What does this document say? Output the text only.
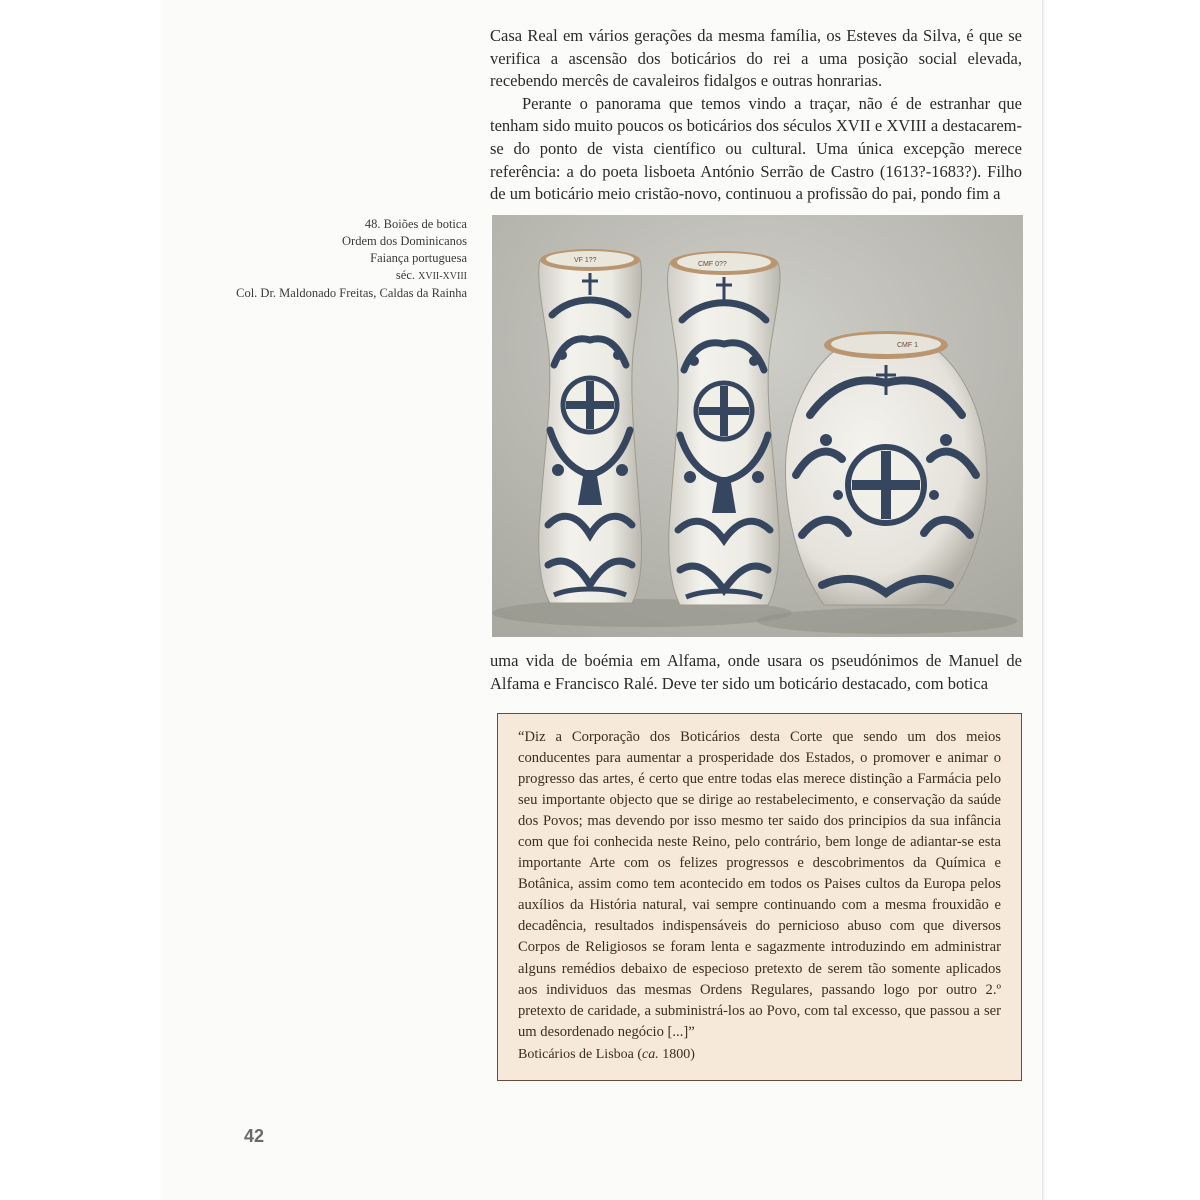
Casa Real em vários gerações da mesma família, os Esteves da Silva, é que se verifica a ascensão dos boticários do rei a uma posição social elevada, recebendo mercês de cavaleiros fidalgos e outras honrarias.

Perante o panorama que temos vindo a traçar, não é de estranhar que tenham sido muito poucos os boticários dos séculos XVII e XVIII a destacarem-se do ponto de vista científico ou cultural. Uma única excepção merece referência: a do poeta lisboeta António Serrão de Castro (1613?-1683?). Filho de um boticário meio cristão-novo, continuou a profissão do pai, pondo fim a

48. Boiões de botica
Ordem dos Dominicanos
Faiança portuguesa
séc. XVII-XVIII
Col. Dr. Maldonado Freitas, Caldas da Rainha
VF 1??
CMF 0??
CMF 1

uma vida de boémia em Alfama, onde usara os pseudónimos de Manuel de Alfama e Francisco Ralé. Deve ter sido um boticário destacado, com botica

“Diz a Corporação dos Boticários desta Corte que sendo um dos meios conducentes para aumentar a prosperidade dos Estados, o promover e animar o progresso das artes, é certo que entre todas elas merece distinção a Farmácia pelo seu importante objecto que se dirige ao restabelecimento, e conservação da saúde dos Povos; mas devendo por isso mesmo ter saido dos principios da sua infância com que foi conhecida neste Reino, pelo contrário, bem longe de adiantar-se esta importante Arte com os felizes progressos e descobrimentos da Química e Botânica, assim como tem acontecido em todos os Paises cultos da Europa pelos auxílios da História natural, vai sempre continuando com a mesma frouxidão e decadência, resultados indispensáveis do pernicioso abuso com que diversos Corpos de Religiosos se foram lenta e sagazmente introduzindo em administrar alguns remédios debaixo de especioso pretexto de serem tão somente aplicados aos individuos das mesmas Ordens Regulares, passando logo por outro 2.º pretexto de caridade, a subministrá-los ao Povo, com tal excesso, que passou a ser um desordenado negócio [...]”

Boticários de Lisboa (ca. 1800)
42
